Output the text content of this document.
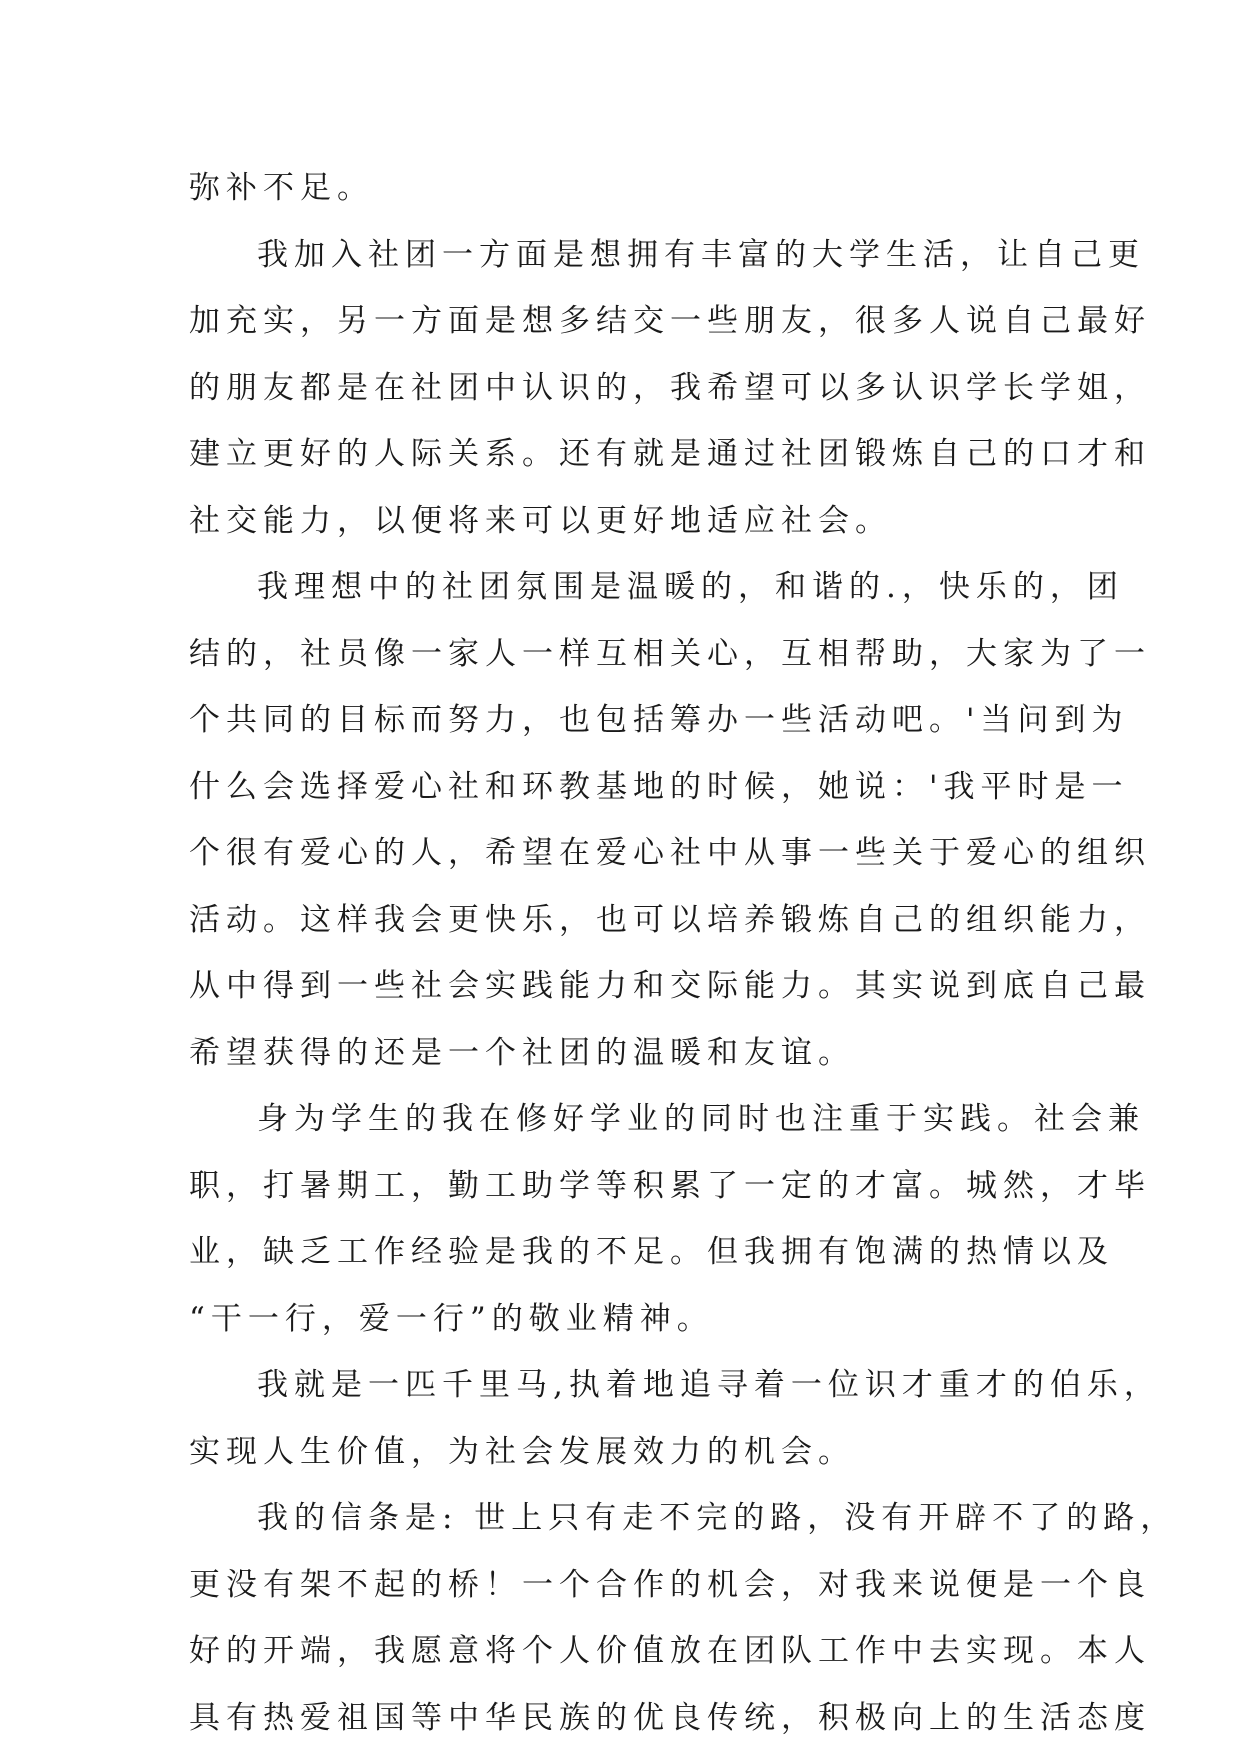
弥补不足。
我加入社团一方面是想拥有丰富的大学生活，让自己更
加充实，另一方面是想多结交一些朋友，很多人说自己最好
的朋友都是在社团中认识的，我希望可以多认识学长学姐，
建立更好的人际关系。还有就是通过社团锻炼自己的口才和
社交能力，以便将来可以更好地适应社会。
我理想中的社团氛围是温暖的，和谐的.，快乐的，团
结的，社员像一家人一样互相关心，互相帮助，大家为了一
个共同的目标而努力，也包括筹办一些活动吧。'当问到为
什么会选择爱心社和环教基地的时候，她说：'我平时是一
个很有爱心的人，希望在爱心社中从事一些关于爱心的组织
活动。这样我会更快乐，也可以培养锻炼自己的组织能力，
从中得到一些社会实践能力和交际能力。其实说到底自己最
希望获得的还是一个社团的温暖和友谊。
身为学生的我在修好学业的同时也注重于实践。社会兼
职，打暑期工，勤工助学等积累了一定的才富。城然，才毕
业，缺乏工作经验是我的不足。但我拥有饱满的热情以及
“干一行，爱一行”的敬业精神。
我就是一匹千里马,执着地追寻着一位识才重才的伯乐，
实现人生价值，为社会发展效力的机会。
我的信条是: 世上只有走不完的路，没有开辟不了的路，
更没有架不起的桥！一个合作的机会，对我来说便是一个良
好的开端，我愿意将个人价值放在团队工作中去实现。本人
具有热爱祖国等中华民族的优良传统，积极向上的生活态度
